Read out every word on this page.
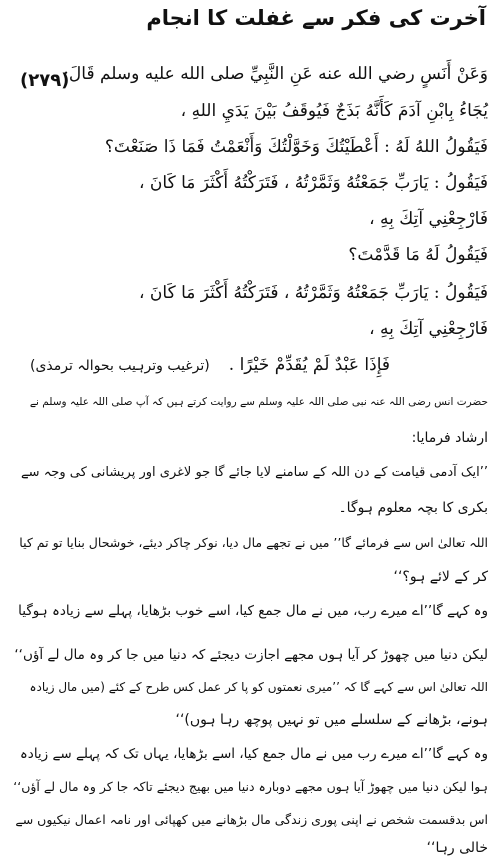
آخرت کی فکر سے غفلت کا انجام
(۲۷۹)
وَعَنْ أَنَسٍ رضي الله عنه عَنِ النَّبِيِّ صلى الله عليه وسلم قَالَ:
يُجَاءُ بِابْنِ آدَمَ كَأَنَّهُ بَذَجٌ فَيُوقَفُ بَيْنَ يَدَيِ اللهِ ،
فَيَقُولُ اللهُ لَهُ : أَعْطَيْتُكَ وَخَوَّلْتُكَ وَأَنْعَمْتُ فَمَا ذَا صَنَعْتَ؟
فَيَقُولُ : يَارَبِّ جَمَعْتُهُ وَثَمَّرْتُهُ ، فَتَرَكْتُهُ أَكْثَرَ مَا كَانَ ،
فَارْجِعْنِي آتِكَ بِهِ ،
فَيَقُولُ لَهُ مَا قَدَّمْتَ؟
فَيَقُولُ : يَارَبِّ جَمَعْتُهُ وَثَمَّرْتُهُ ، فَتَرَكْتُهُ أَكْثَرَ مَا كَانَ ،
فَارْجِعْنِي آتِكَ بِهِ ،
فَإِذَا عَبْدٌ لَمْ يُقَدِّمْ خَيْرًا .
(ترغیب وترہیب بحوالہ ترمذی)
حضرت انس رضی اللہ عنہ نبی صلی اللہ علیہ وسلم سے روایت کرتے ہیں کہ آپ صلی اللہ علیہ وسلم نے
ارشاد فرمایا:
’’ایک آدمی قیامت کے دن اللہ کے سامنے لایا جائے گا جو لاغری اور پریشانی کی وجہ سے
بکری کا بچہ معلوم ہوگا۔
اللہ تعالیٰ اس سے فرمائے گا’’ میں نے تجھے مال دیا، نوکر چاکر دیئے، خوشحال بنایا تو تم کیا
کر کے لائے ہو؟‘‘
وہ کہے گا’’اے میرے رب، میں نے مال جمع کیا، اسے خوب بڑھایا، پہلے سے زیادہ ہوگیا
لیکن دنیا میں چھوڑ کر آیا ہوں مجھے اجازت دیجئے کہ دنیا میں جا کر وہ مال لے آؤں‘‘
اللہ تعالیٰ اس سے کہے گا کہ ’’میری نعمتوں کو پا کر عمل کس طرح کے کئے (میں مال زیادہ
ہونے، بڑھانے کے سلسلے میں تو نہیں پوچھ رہا ہوں)‘‘
وہ کہے گا’’اے میرے رب میں نے مال جمع کیا، اسے بڑھایا، یہاں تک کہ پہلے سے زیادہ
ہوا لیکن دنیا میں چھوڑ آیا ہوں مجھے دوبارہ دنیا میں بھیج دیجئے تاکہ جا کر وہ مال لے آؤں‘‘
اس بدقسمت شخص نے اپنی پوری زندگی مال بڑھانے میں کھپائی اور نامہ اعمال نیکیوں سے
خالی رہا‘‘
